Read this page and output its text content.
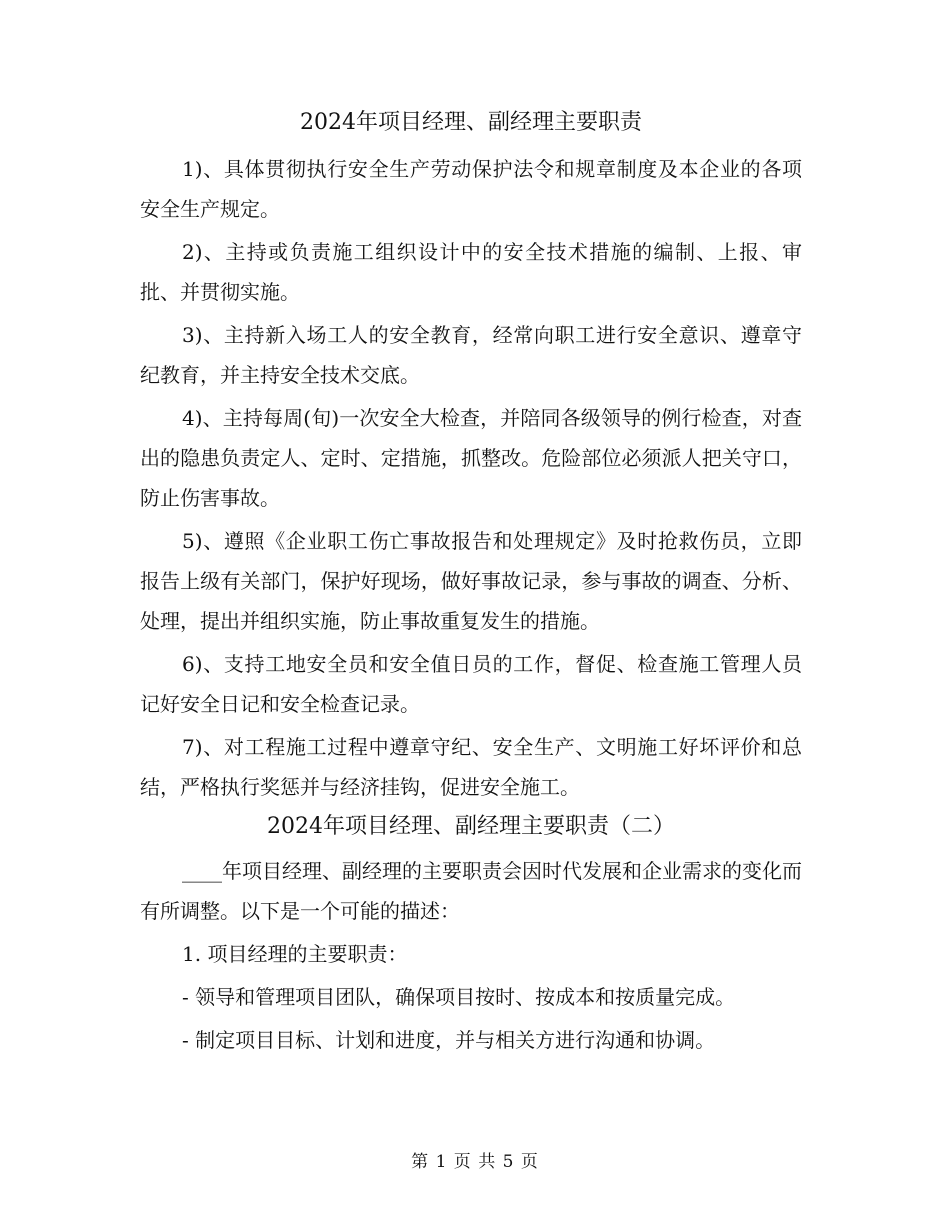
2024年项目经理、副经理主要职责

1)、具体贯彻执行安全生产劳动保护法令和规章制度及本企业的各项安全生产规定。

2)、主持或负责施工组织设计中的安全技术措施的编制、上报、审批、并贯彻实施。

3)、主持新入场工人的安全教育，经常向职工进行安全意识、遵章守纪教育，并主持安全技术交底。

4)、主持每周(旬)一次安全大检查，并陪同各级领导的例行检查，对查出的隐患负责定人、定时、定措施，抓整改。危险部位必须派人把关守口，防止伤害事故。

5)、遵照《企业职工伤亡事故报告和处理规定》及时抢救伤员，立即报告上级有关部门，保护好现场，做好事故记录，参与事故的调查、分析、处理，提出并组织实施，防止事故重复发生的措施。

6)、支持工地安全员和安全值日员的工作，督促、检查施工管理人员记好安全日记和安全检查记录。

7)、对工程施工过程中遵章守纪、安全生产、文明施工好坏评价和总结，严格执行奖惩并与经济挂钩，促进安全施工。

2024年项目经理、副经理主要职责（二）

____年项目经理、副经理的主要职责会因时代发展和企业需求的变化而有所调整。以下是一个可能的描述：

1. 项目经理的主要职责：

- 领导和管理项目团队，确保项目按时、按成本和按质量完成。

- 制定项目目标、计划和进度，并与相关方进行沟通和协调。

第 1 页 共 5 页
